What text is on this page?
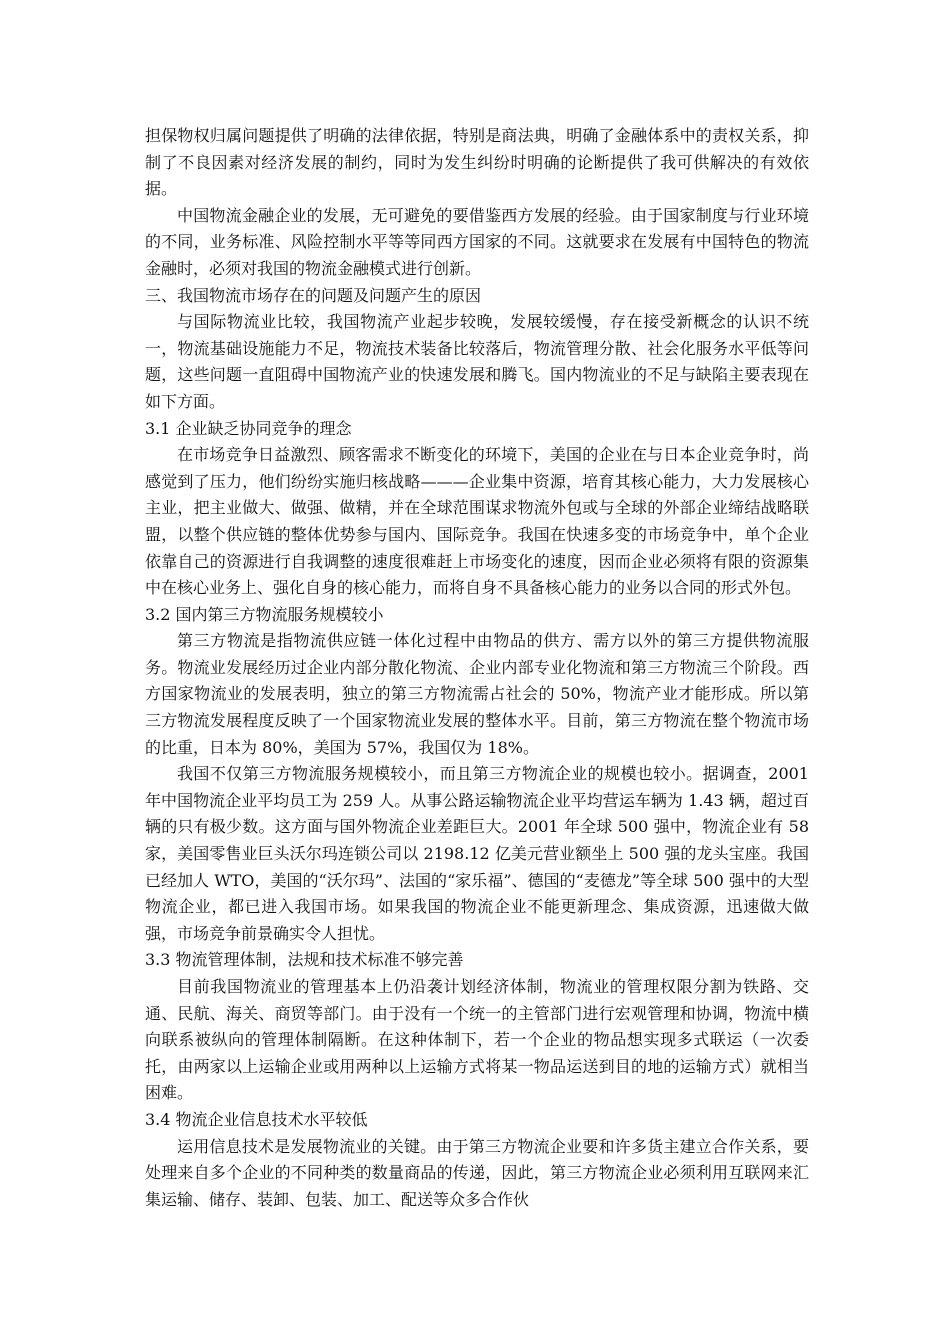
担保物权归属问题提供了明确的法律依据，特别是商法典，明确了金融体系中的责权关系，抑制了不良因素对经济发展的制约，同时为发生纠纷时明确的论断提供了我可供解决的有效依据。

中国物流金融企业的发展，无可避免的要借鉴西方发展的经验。由于国家制度与行业环境的不同，业务标准、风险控制水平等等同西方国家的不同。这就要求在发展有中国特色的物流金融时，必须对我国的物流金融模式进行创新。

三、我国物流市场存在的问题及问题产生的原因

与国际物流业比较，我国物流产业起步较晚，发展较缓慢，存在接受新概念的认识不统一，物流基础设施能力不足，物流技术装备比较落后，物流管理分散、社会化服务水平低等问题，这些问题一直阻碍中国物流产业的快速发展和腾飞。国内物流业的不足与缺陷主要表现在如下方面。

3.1 企业缺乏协同竞争的理念

在市场竞争日益激烈、顾客需求不断变化的环境下，美国的企业在与日本企业竞争时，尚感觉到了压力，他们纷纷实施归核战略———企业集中资源，培育其核心能力，大力发展核心主业，把主业做大、做强、做精，并在全球范围谋求物流外包或与全球的外部企业缔结战略联盟，以整个供应链的整体优势参与国内、国际竞争。我国在快速多变的市场竞争中，单个企业依靠自己的资源进行自我调整的速度很难赶上市场变化的速度，因而企业必须将有限的资源集中在核心业务上、强化自身的核心能力，而将自身不具备核心能力的业务以合同的形式外包。

3.2 国内第三方物流服务规模较小

第三方物流是指物流供应链一体化过程中由物品的供方、需方以外的第三方提供物流服务。物流业发展经历过企业内部分散化物流、企业内部专业化物流和第三方物流三个阶段。西方国家物流业的发展表明，独立的第三方物流需占社会的 50%，物流产业才能形成。所以第三方物流发展程度反映了一个国家物流业发展的整体水平。目前，第三方物流在整个物流市场的比重，日本为 80%，美国为 57%，我国仅为 18%。

我国不仅第三方物流服务规模较小，而且第三方物流企业的规模也较小。据调查，2001 年中国物流企业平均员工为 259 人。从事公路运输物流企业平均营运车辆为 1.43 辆，超过百辆的只有极少数。这方面与国外物流企业差距巨大。2001 年全球 500 强中，物流企业有 58 家，美国零售业巨头沃尔玛连锁公司以 2198.12 亿美元营业额坐上 500 强的龙头宝座。我国已经加人 WTO，美国的“沃尔玛”、法国的“家乐福”、德国的“麦德龙”等全球 500 强中的大型物流企业，都已进入我国市场。如果我国的物流企业不能更新理念、集成资源，迅速做大做强，市场竞争前景确实令人担忧。

3.3 物流管理体制，法规和技术标准不够完善

目前我国物流业的管理基本上仍沿袭计划经济体制，物流业的管理权限分割为铁路、交通、民航、海关、商贸等部门。由于没有一个统一的主管部门进行宏观管理和协调，物流中横向联系被纵向的管理体制隔断。在这种体制下，若一个企业的物品想实现多式联运（一次委托，由两家以上运输企业或用两种以上运输方式将某一物品运送到目的地的运输方式）就相当困难。

3.4 物流企业信息技术水平较低

运用信息技术是发展物流业的关键。由于第三方物流企业要和许多货主建立合作关系，要处理来自多个企业的不同种类的数量商品的传递，因此，第三方物流企业必须利用互联网来汇集运输、储存、装卸、包装、加工、配送等众多合作伙
